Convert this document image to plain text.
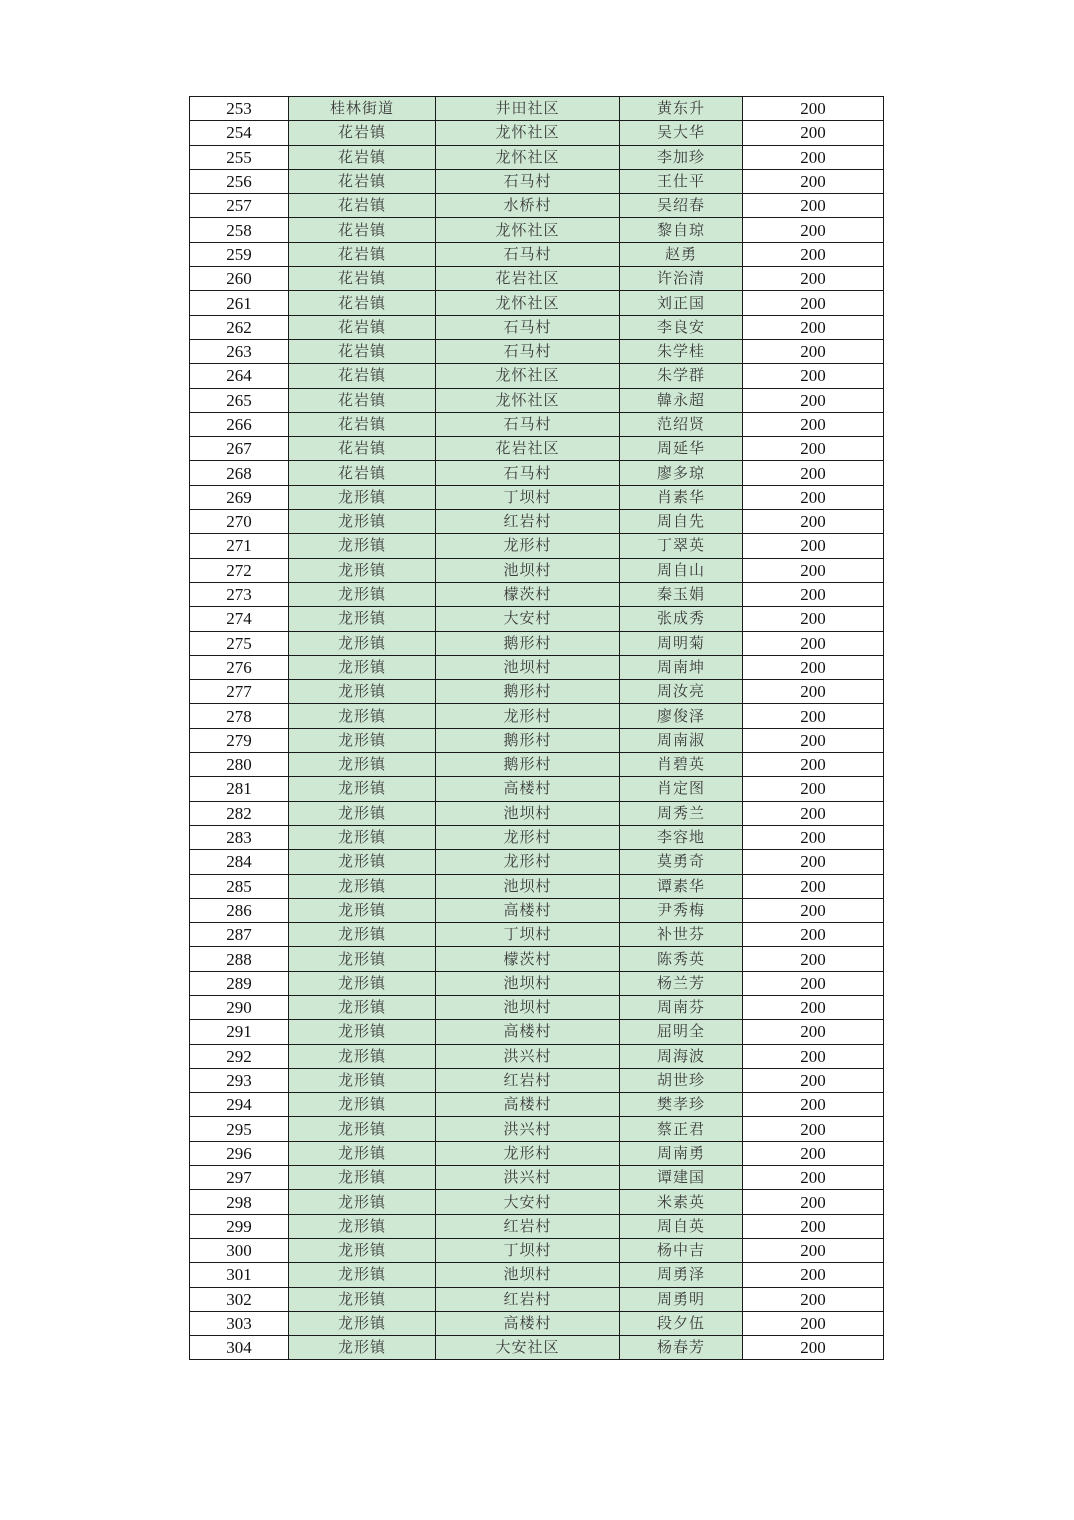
253	桂林街道	井田社区	黄东升	200
254	花岩镇	龙怀社区	吴大华	200
255	花岩镇	龙怀社区	李加珍	200
256	花岩镇	石马村	王仕平	200
257	花岩镇	水桥村	吴绍春	200
258	花岩镇	龙怀社区	黎自琼	200
259	花岩镇	石马村	赵勇	200
260	花岩镇	花岩社区	许治清	200
261	花岩镇	龙怀社区	刘正国	200
262	花岩镇	石马村	李良安	200
263	花岩镇	石马村	朱学桂	200
264	花岩镇	龙怀社区	朱学群	200
265	花岩镇	龙怀社区	韓永超	200
266	花岩镇	石马村	范绍贤	200
267	花岩镇	花岩社区	周延华	200
268	花岩镇	石马村	廖多琼	200
269	龙形镇	丁坝村	肖素华	200
270	龙形镇	红岩村	周自先	200
271	龙形镇	龙形村	丁翠英	200
272	龙形镇	池坝村	周自山	200
273	龙形镇	檬茨村	秦玉娟	200
274	龙形镇	大安村	张成秀	200
275	龙形镇	鹅形村	周明菊	200
276	龙形镇	池坝村	周南坤	200
277	龙形镇	鹅形村	周汝亮	200
278	龙形镇	龙形村	廖俊泽	200
279	龙形镇	鹅形村	周南淑	200
280	龙形镇	鹅形村	肖碧英	200
281	龙形镇	高楼村	肖定图	200
282	龙形镇	池坝村	周秀兰	200
283	龙形镇	龙形村	李容地	200
284	龙形镇	龙形村	莫勇奇	200
285	龙形镇	池坝村	谭素华	200
286	龙形镇	高楼村	尹秀梅	200
287	龙形镇	丁坝村	补世芬	200
288	龙形镇	檬茨村	陈秀英	200
289	龙形镇	池坝村	杨兰芳	200
290	龙形镇	池坝村	周南芬	200
291	龙形镇	高楼村	屈明全	200
292	龙形镇	洪兴村	周海波	200
293	龙形镇	红岩村	胡世珍	200
294	龙形镇	高楼村	樊孝珍	200
295	龙形镇	洪兴村	蔡正君	200
296	龙形镇	龙形村	周南勇	200
297	龙形镇	洪兴村	谭建国	200
298	龙形镇	大安村	米素英	200
299	龙形镇	红岩村	周自英	200
300	龙形镇	丁坝村	杨中吉	200
301	龙形镇	池坝村	周勇泽	200
302	龙形镇	红岩村	周勇明	200
303	龙形镇	高楼村	段夕伍	200
304	龙形镇	大安社区	杨春芳	200
